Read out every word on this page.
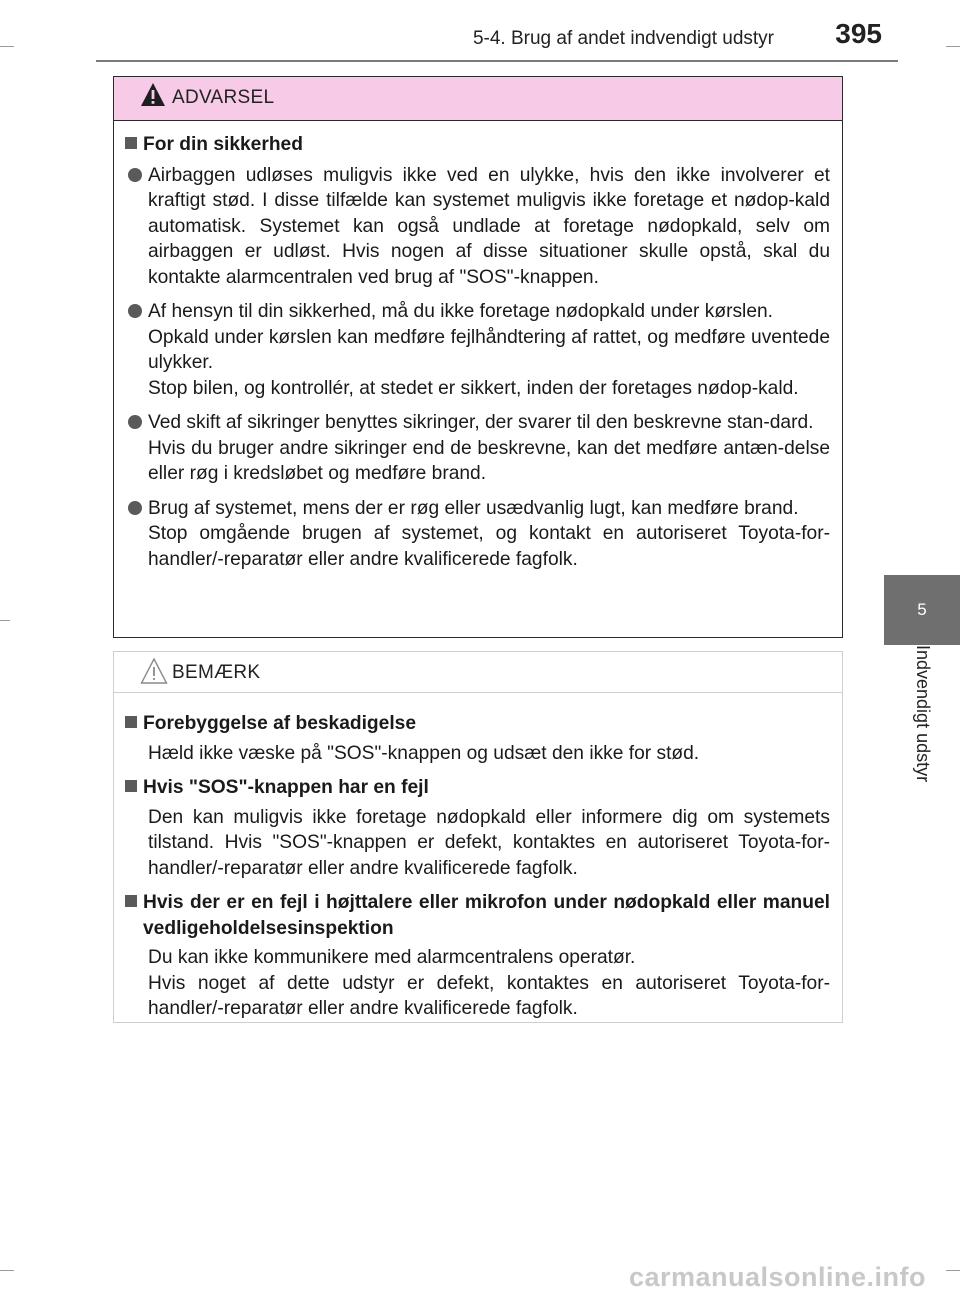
5-4. Brug af andet indvendigt udstyr 395
5
Indvendigt udstyr
ADVARSEL
For din sikkerhed
Airbaggen udløses muligvis ikke ved en ulykke, hvis den ikke involverer et kraftigt stød. I disse tilfælde kan systemet muligvis ikke foretage et nødop-kald automatisk. Systemet kan også undlade at foretage nødopkald, selv om airbaggen er udløst. Hvis nogen af disse situationer skulle opstå, skal du kontakte alarmcentralen ved brug af "SOS"-knappen.
Af hensyn til din sikkerhed, må du ikke foretage nødopkald under kørslen.
Opkald under kørslen kan medføre fejlhåndtering af rattet, og medføre uventede ulykker.
Stop bilen, og kontrollér, at stedet er sikkert, inden der foretages nødop-kald.
Ved skift af sikringer benyttes sikringer, der svarer til den beskrevne stan-dard.
Hvis du bruger andre sikringer end de beskrevne, kan det medføre antæn-delse eller røg i kredsløbet og medføre brand.
Brug af systemet, mens der er røg eller usædvanlig lugt, kan medføre brand.
Stop omgående brugen af systemet, og kontakt en autoriseret Toyota-for-handler/-reparatør eller andre kvalificerede fagfolk.
BEMÆRK
Forebyggelse af beskadigelse
Hæld ikke væske på "SOS"-knappen og udsæt den ikke for stød.
Hvis "SOS"-knappen har en fejl
Den kan muligvis ikke foretage nødopkald eller informere dig om systemets tilstand. Hvis "SOS"-knappen er defekt, kontaktes en autoriseret Toyota-for-handler/-reparatør eller andre kvalificerede fagfolk.
Hvis der er en fejl i højttalere eller mikrofon under nødopkald eller manuel vedligeholdelsesinspektion
Du kan ikke kommunikere med alarmcentralens operatør.
Hvis noget af dette udstyr er defekt, kontaktes en autoriseret Toyota-for-handler/-reparatør eller andre kvalificerede fagfolk.
carmanualsonline.info
